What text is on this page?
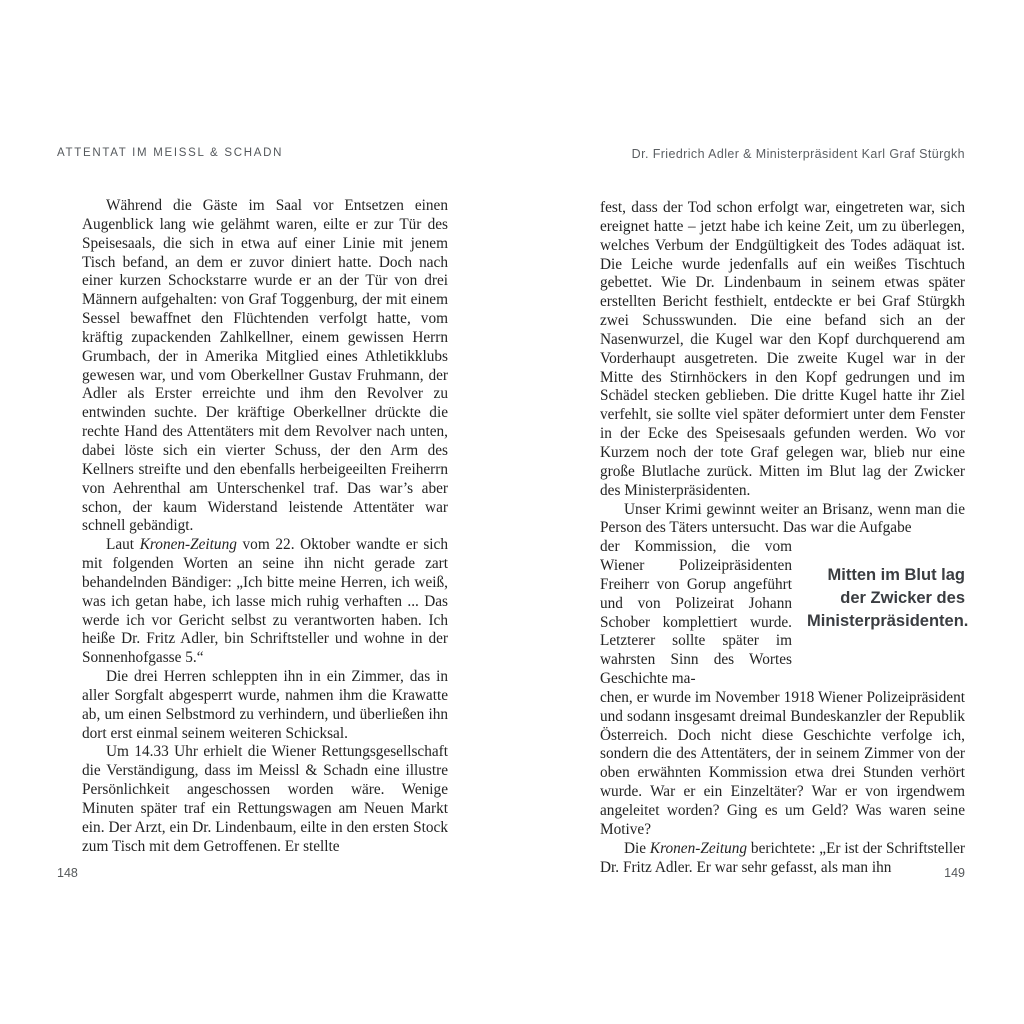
ATTENTAT IM MEISSL & SCHADN

Während die Gäste im Saal vor Entsetzen einen Augenblick lang wie gelähmt waren, eilte er zur Tür des Speisesaals, die sich in etwa auf einer Linie mit jenem Tisch befand, an dem er zuvor diniert hatte. Doch nach einer kurzen Schockstarre wurde er an der Tür von drei Männern aufgehalten: von Graf Toggenburg, der mit einem Sessel bewaffnet den Flüchtenden verfolgt hatte, vom kräftig zupackenden Zahlkellner, einem gewissen Herrn Grumbach, der in Amerika Mitglied eines Athletikklubs gewesen war, und vom Oberkellner Gustav Fruhmann, der Adler als Erster erreichte und ihm den Revolver zu entwinden suchte. Der kräftige Oberkellner drückte die rechte Hand des Attentäters mit dem Revolver nach unten, dabei löste sich ein vierter Schuss, der den Arm des Kellners streifte und den ebenfalls herbeigeeilten Freiherrn von Aehrenthal am Unterschenkel traf. Das war’s aber schon, der kaum Widerstand leistende Attentäter war schnell gebändigt.

Laut Kronen-Zeitung vom 22. Oktober wandte er sich mit folgenden Worten an seine ihn nicht gerade zart behandelnden Bändiger: „Ich bitte meine Herren, ich weiß, was ich getan habe, ich lasse mich ruhig verhaften ... Das werde ich vor Gericht selbst zu verantworten haben. Ich heiße Dr. Fritz Adler, bin Schriftsteller und wohne in der Sonnenhofgasse 5.“

Die drei Herren schleppten ihn in ein Zimmer, das in aller Sorgfalt abgesperrt wurde, nahmen ihm die Krawatte ab, um einen Selbstmord zu verhindern, und überließen ihn dort erst einmal seinem weiteren Schicksal.

Um 14.33 Uhr erhielt die Wiener Rettungsgesellschaft die Verständigung, dass im Meissl & Schadn eine illustre Persönlichkeit angeschossen worden wäre. Wenige Minuten später traf ein Rettungswagen am Neuen Markt ein. Der Arzt, ein Dr. Lindenbaum, eilte in den ersten Stock zum Tisch mit dem Getroffenen. Er stellte

Dr. Friedrich Adler & Ministerpräsident Karl Graf Stürgkh

fest, dass der Tod schon erfolgt war, eingetreten war, sich ereignet hatte – jetzt habe ich keine Zeit, um zu überlegen, welches Verbum der Endgültigkeit des Todes adäquat ist. Die Leiche wurde jedenfalls auf ein weißes Tischtuch gebettet. Wie Dr. Lindenbaum in seinem etwas später erstellten Bericht festhielt, entdeckte er bei Graf Stürgkh zwei Schusswunden. Die eine befand sich an der Nasenwurzel, die Kugel war den Kopf durchquerend am Vorderhaupt ausgetreten. Die zweite Kugel war in der Mitte des Stirnhöckers in den Kopf gedrungen und im Schädel stecken geblieben. Die dritte Kugel hatte ihr Ziel verfehlt, sie sollte viel später deformiert unter dem Fenster in der Ecke des Speisesaals gefunden werden. Wo vor Kurzem noch der tote Graf gelegen war, blieb nur eine große Blutlache zurück. Mitten im Blut lag der Zwicker des Ministerpräsidenten.

Unser Krimi gewinnt weiter an Brisanz, wenn man die Person des Täters untersucht. Das war die Aufgabe

der Kommission, die vom Wiener Polizeipräsidenten Freiherr von Gorup angeführt und von Polizeirat Johann Schober komplettiert wurde. Letzterer sollte später im wahrsten Sinn des Wortes Geschichte ma-
Mitten im Blut lag der Zwicker des Ministerpräsidenten.
chen, er wurde im November 1918 Wiener Polizeipräsident und sodann insgesamt dreimal Bundeskanzler der Republik Österreich. Doch nicht diese Geschichte verfolge ich, sondern die des Attentäters, der in seinem Zimmer von der oben erwähnten Kommission etwa drei Stunden verhört wurde. War er ein Einzeltäter? War er von irgendwem angeleitet worden? Ging es um Geld? Was waren seine Motive?

Die Kronen-Zeitung berichtete: „Er ist der Schriftsteller Dr. Fritz Adler. Er war sehr gefasst, als man ihn

148	149
